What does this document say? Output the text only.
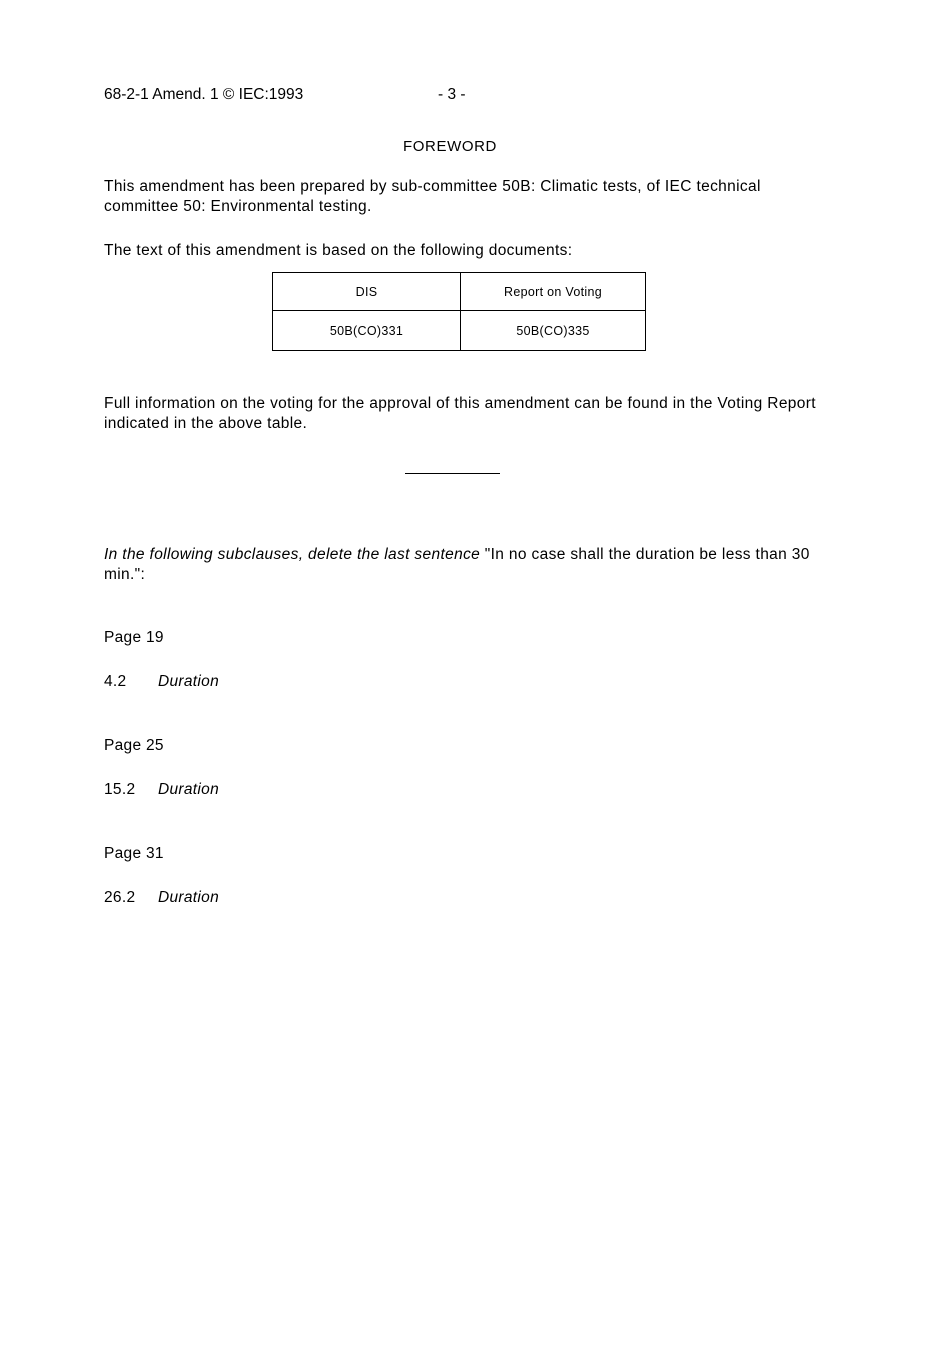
68-2-1 Amend. 1 © IEC:1993	- 3 -
FOREWORD
This amendment has been prepared by sub-committee 50B: Climatic tests, of IEC technical committee 50: Environmental testing.
The text of this amendment is based on the following documents:
DIS	Report on Voting
50B(CO)331	50B(CO)335
Full information on the voting for the approval of this amendment can be found in the Voting Report indicated in the above table.
In the following subclauses, delete the last sentence "In no case shall the duration be less than 30 min.":
Page 19
4.2 Duration
Page 25
15.2 Duration
Page 31
26.2 Duration
